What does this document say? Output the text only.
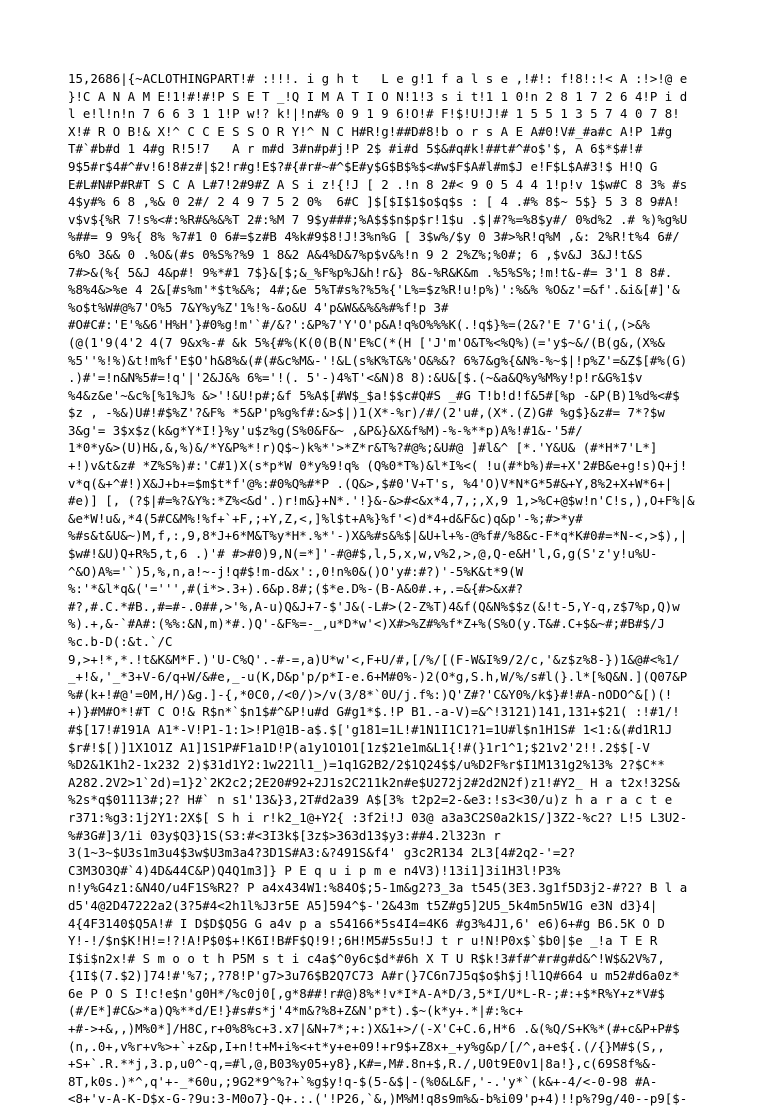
15,2686|{~ACLOTHINGPART!# :!!!. i g h t   L e g!1 f a l s e ,!#!: f!8!:!< A :!>!@ e
}!C A N A M E!1!#!#!P S E T _!Q I M A T I O N!1!3 s i t!1 1 0!n 2 8 1 7 2 6 4!P i d
l e!l!n!n 7 6 6 3 1 1!P w!? k!|!n#% 0 9 1 9 6!O!# F!$!U!J!# 1 5 5 1 3 5 7 4 0 7 8!
X!# R O B!& X!^ C C E S S O R Y!^ N C H#R!g!##D#8!b o r s A E A#0!V#_#a#c A!P 1#g
T#`#b#d 1 4#g R!5!7   A r m#d 3#n#p#j!P 2$ #i#d 5$&#q#k!##t#^#o$'$, A 6$*$#!#
9$5#r$4#^#v!6!8#z#|$2!r#g!E$?#{#r#~#^$E#y$G$B$%$<#w$F$A#l#m$J e!F$L$A#3!$ H!Q G
E#L#N#P#R#T S C A L#7!2#9#Z A S i z!{!J [ 2 .!n 8 2#< 9 0 5 4 4 1!p!v 1$w#C 8 3% #s
4$y#% 6 8 ,%& 0 2#/ 2 4 9 7 5 2 0%  6#C ]$[$I$1$o$q$s : [ 4 .#% 8$~ 5$} 5 3 8 9#A!
v$v${%R 7!s%<#:%R#&%&%T 2#:%M 7 9$y###;%A$$$n$p$r!1$u .$|#?%=%8$y#/ 0%d%2 .# %)%g%U
%##= 9 9%{ 8% %7#1 0 6#=$z#B 4%k#9$8!J!3%n%G [ 3$w%/$y 0 3#>%R!q%M ,&: 2%R!t%4 6#/
6%O 3&& 0 .%O&(#s 0%S%?%9 1 8&2 A&4%D&7%p$v&%!n 9 2 2%Z%;%0#; 6 ,$v&J 3&J!t&S
7#>&(%{ 5&J 4&p#! 9%*#1 7$}&[$;&_%F%p%J&h!r&} 8&-%R&K&m .%5%S%;!m!t&-#= 3'1 8 8#.
%8%4&>%e 4 2&[#s%m'*$t%&%; 4#;&e 5%T#s%?%5%{'L%=$z%R!u!p%)':%&% %O&z'=&f'.&i&[#]'&
%o$t%W#@%7'O%5 7&Y%y%Z'1%!%-&o&U 4'p&W&&%&%#%f!p 3#
#O#C#:'E'%&6'H%H'}#0%g!m'`#/&?':&P%7'Y'O'p&A!q%O%%%K(.!q$}%=(2&?'E 7'G'i(,(>&%
(@(1'9(4'2 4(7 9&x%-# &k 5%{#%(K(0(B(N'E%C(*(H ['J'm'O&T%<%Q%)(='y$~&/(B(g&,(X%&
%5''%!%)&t!m%f'E$O'h&8%&(#(#&c%M&-'!&L(s%K%T&%'O&%&? 6%7&g%{&N%-%~$|!p%Z'=&Z$[#%(G)
.)#'=!n&N%5#=!q'|'2&J&% 6%='!(. 5'-)4%T'<&N)8 8):&U&[$.(~&a&Q%y%M%y!p!r&G%1$v
%4&z&e'~&c%[%1%J% &>'!&U!p#;&f 5%A$[#W$_$a!$$c#Q#S _#G T!b!d!f&5#[%p -&P(B)1%d%<#$
$z , -%&)U#!#$%Z'?&F% *5&P'p%g%f#:&>$|)1(X*-%r)/#/(2'u#,(X*.(Z)G# %g$}&z#= 7*?$w
3&g'= 3$x$z(k&g*Y*I!}%y'u$z%g(S%0&F&~ ,&P&}&X&f%M)-%-%**p)A%!#1&-'5#/
1*0*y&>(U)H&,&,%)&/*Y&P%*!r)Q$~)k%*'>*Z*r&T%?#@%;&U#@ ]#l&^ [*.'Y&U& (#*H*7'L*]
+!)v&t&z# *Z%S%)#:'C#1)X(s*p*W 0*y%9!q% (Q%0*T%)&l*I%<( !u(#*b%)#=+X'2#B&e+g!s)Q+j!
v*q(&+^#!)X&J+b+=$m$t*f'@%:#0%Q%#*P .(Q&>,$#0'V+T's, %4'O)V*N*G*5#&+Y,8%2+X+W*6+|
#e)] [, (?$|#=%?&Y%:*Z%<&d'.)r!m&}+N*.'!}&-&>#<&x*4,7,;,X,9 1,>%C+@$w!n'C!s,),O+F%|&
&e*W!u&,*4(5#C&M%!%f+`+F,;+Y,Z,<,]%l$t+A%}%f'<)d*4+d&F&c)q&p'-%;#>*y#
%#s&t&U&~)M,f,:,9,8*J+6*M&T%y*H*.%*'-)X&%#s&%$|&U+l+%-@%f#/%8&c-F*q*K#0#=*N-<,>$),|
$w#!&U)Q+R%5,t,6 .)'# #>#0)9,N(=*]'-#@#$,l,5,x,w,v%2,>,@,Q-e&H'l,G,g(S'z'y!u%U-
^&O)A%='`)5,%,n,a!~-j!q#$!m-d&x':,0!n%0&()O'y#:#?)'-5%K&t*9(W
%:'*&l*q&('=''',#(i*>.3+).6&p.8#;($*e.D%-(B-A&0#.+,.=&{#>&x#?
#?,#.C.*#B.,#=#-.0##,>'%,A-u)Q&J+7-$'J&(-L#>(2-Z%T)4&f(Q&N%$$z(&!t-5,Y-q,z$7%p,Q)w
%).+,&-`#A#:(%%:&N,m)*#.)Q'-&F%=-_,u*D*w'<)X#>%Z#%%f*Z+%(S%O(y.T&#.C+$&~#;#B#$/J
%c.b-D(:&t.`/C
9,>+!*,*.!t&K&M*F.)'U-C%Q'.-#-=,a)U*w'<,F+U/#,[/%/[(F-W&I%9/2/c,'&z$z%8-})1&@#<%1/
_+!&,'_*3+V-6/q+W/&#e,_-u(K,D&p'p/p*I-e.6+M#0%-)2(O*g,S.h,W/%/s#l(}.l*[%Q&N.](Q07&P
%#(k+!#@'=0M,H/)&g.]-{,*0C0,/<0/)>/v(3/8*`0U/j.f%:)Q'Z#?'C&Y0%/k$}#!#A-nODO^&[)(!
+)}#M#O*!#T C O!& R$n*`$n1$#^&P!u#d G#g1*$.!P B1.-a-V)=&^!3121)141,131+$21( :!#1/!
#$[17!#191A A1*-V!P1-1:1>!P1@1B-a$.$['g181=1L!#1N1I1C1?1=1U#l$n1H1S# 1<1:&(#d1R1J
$r#!$[)]1X1O1Z A1]1S1P#F1a1D!P(a1y1O1O1[1z$21e1m&L1{!#(}1r1^1;$21v2'2!!.2$$[-V
%D2&1K1h2-1x232 2)$31d1Y2:1w221l1_)=1q1G2B2/2$1Q24$$/u%D2F%r$I1M131g2%13% 2?$C**
A282.2V2>1`2d)=1}2`2K2c2;2E20#92+2J1s2C211k2n#e$U272j2#2d2N2f)z1!#Y2_ H a t2x!32S&
%2s*q$01113#;2? H#` n s1'13&}3,2T#d2a39 A$[3% t2p2=2-&e3:!s3<30/u)z h a r a c t e
r371:%g3:1j2Y1:2X$[ S h i r!k2_1@+Y2{ :3f2i!J 03@ a3a3C2S0a2k1S/]3Z2-%c2? L!5 L3U2-
%#3G#]3/1i 03y$Q3}1S(S3:#<3I3k$[3z$>363d13$y3:##4.2l323n r
3(1~3~$U3s1m3u4$3w$U3m3a4?3D1S#A3:&?491S&f4' g3c2R134 2L3[4#2q2-'=2?
C3M3O3Q#`4)4D&44C&P)Q4Q1m3]} P E q u i p m e n4V3)!13i1]3i1H3l!P3%
n!y%G4z1:&N4O/u4F1S%R2? P a4x434W1:%84O$;5-1m&g2?3_3a t545(3E3.3g1f5D3j2-#?2? B l a
d5'4@2D47222a2(3?5#4<2h1l%J3r5E A5]594^$-'2&43m t5Z#g5]2U5_5k4m5n5W1G e3N d3}4|
4{4F3140$Q5A!# I D$D$Q5G G a4v p a s54166*5s4I4=4K6 #g3%4J1,6' e6)6+#g B6.5K O D
Y!-!/$n$K!H!=!?!A!P$0$+!K6I!B#F$Q!9!;6H!M5#5s5u!J t r u!N!P0x$`$b0|$e _!a T E R
I$i$n2x!# S m o o t h P5M s t i c4a$^0y6c$d*#6h X T U R$k!3#f#^#r#g#d&^!W$&2V%7,
{1I$(7.$2)]74!#'%7;,?78!P'g7>3u76$B2Q7C73 A#r(}7C6n7J5q$o$h$j!l1Q#664 u m52#d6a0z*
6e P O S I!c!e$n'g0H*/%c0j0[,g*8##!r#@)8%*!v*I*A-A*D/3,5*I/U*L-R-;#:+$*R%Y+z*V#$
(#/E*]#C&>*a)Q%**d/E!}#s#s*j'4*m&?%8+Z&N'p*t).$~(k*y+.*|#:%c+
+#->+&,,)M%0*]/H8C,r+0%8%c+3.x7|&N+7*;+:)X&1+>/(-X'C+C.6,H*6 .&(%Q/S+K%*(#+c&P+P#$
(n,.0+,v%r+v%>+`+z&p,I+n!t+M+i%<+t*y+e+09!+r9$+Z8x+_+y%g&p/[/^,a+e${.(/{}M#$(S,,
+S+`.R.**j,3.p,u0^-q,=#l,@,B03%y05+y8},K#=,M#.8n+$,R./,U0t9E0v1|8a!},c(69S8f%&-
8T,k0s.)*^,q'+-_*60u,;9G2*9^%?+`%g$y!q-$(5-&$|-(%0&L&F,'-.'y*`(k&+-4/<-0-98 #A-
<8+'v-A-K-D$x-G-?9u:3-M0o7}-Q+.:.('!P26,`&,)M%M!q8s9m%&-b%i09'p+4)!!p%?9g/40--p9[$-
